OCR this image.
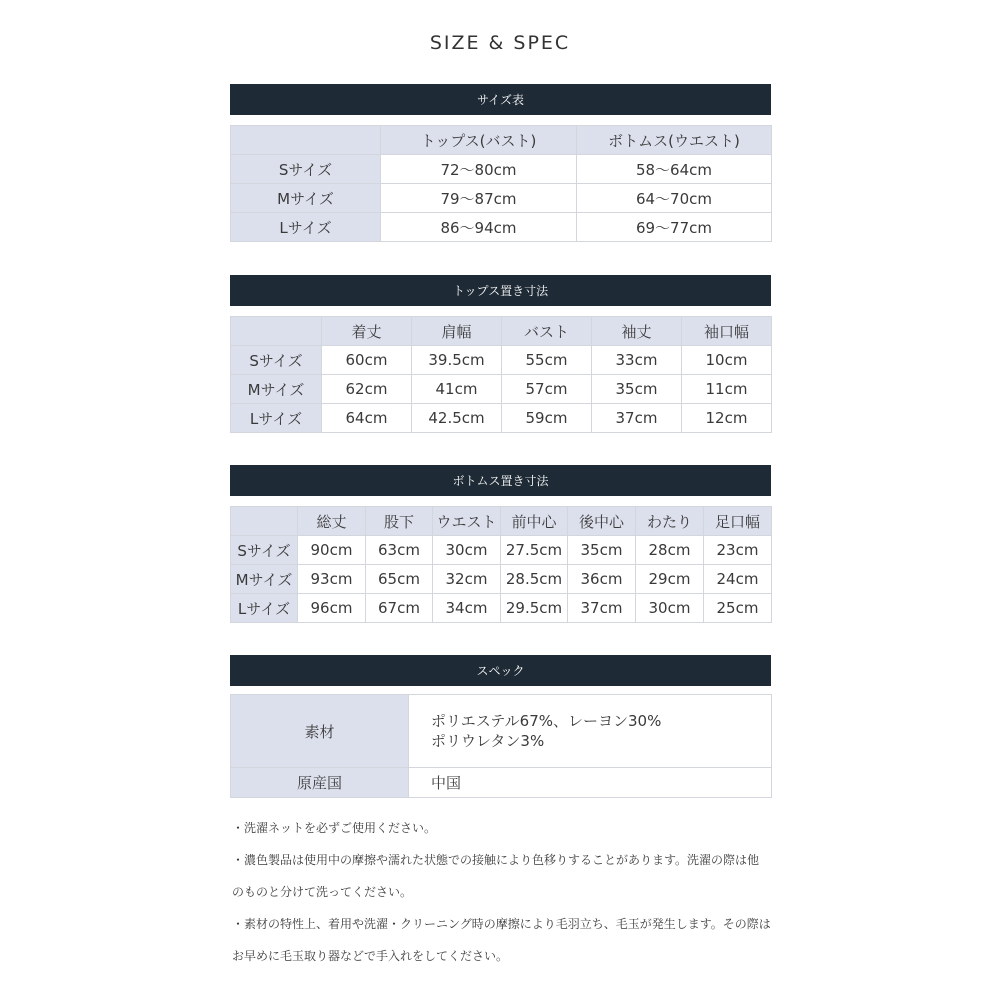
SIZE & SPEC
サイズ表
	トップス(バスト)	ボトムス(ウエスト)
Sサイズ	72〜80cm	58〜64cm
Mサイズ	79〜87cm	64〜70cm
Lサイズ	86〜94cm	69〜77cm
トップス置き寸法
	着丈	肩幅	バスト	袖丈	袖口幅
Sサイズ	60cm	39.5cm	55cm	33cm	10cm
Mサイズ	62cm	41cm	57cm	35cm	11cm
Lサイズ	64cm	42.5cm	59cm	37cm	12cm
ボトムス置き寸法
	総丈	股下	ウエスト	前中心	後中心	わたり	足口幅
Sサイズ	90cm	63cm	30cm	27.5cm	35cm	28cm	23cm
Mサイズ	93cm	65cm	32cm	28.5cm	36cm	29cm	24cm
Lサイズ	96cm	67cm	34cm	29.5cm	37cm	30cm	25cm
スペック
素材	ポリエステル67%、レーヨン30%
ポリウレタン3%

原産国	中国
・洗濯ネットを必ずご使用ください。
・濃色製品は使用中の摩擦や濡れた状態での接触により色移りすることがあります。洗濯の際は他
のものと分けて洗ってください。
・素材の特性上、着用や洗濯・クリーニング時の摩擦により毛羽立ち、毛玉が発生します。その際は
お早めに毛玉取り器などで手入れをしてください。
